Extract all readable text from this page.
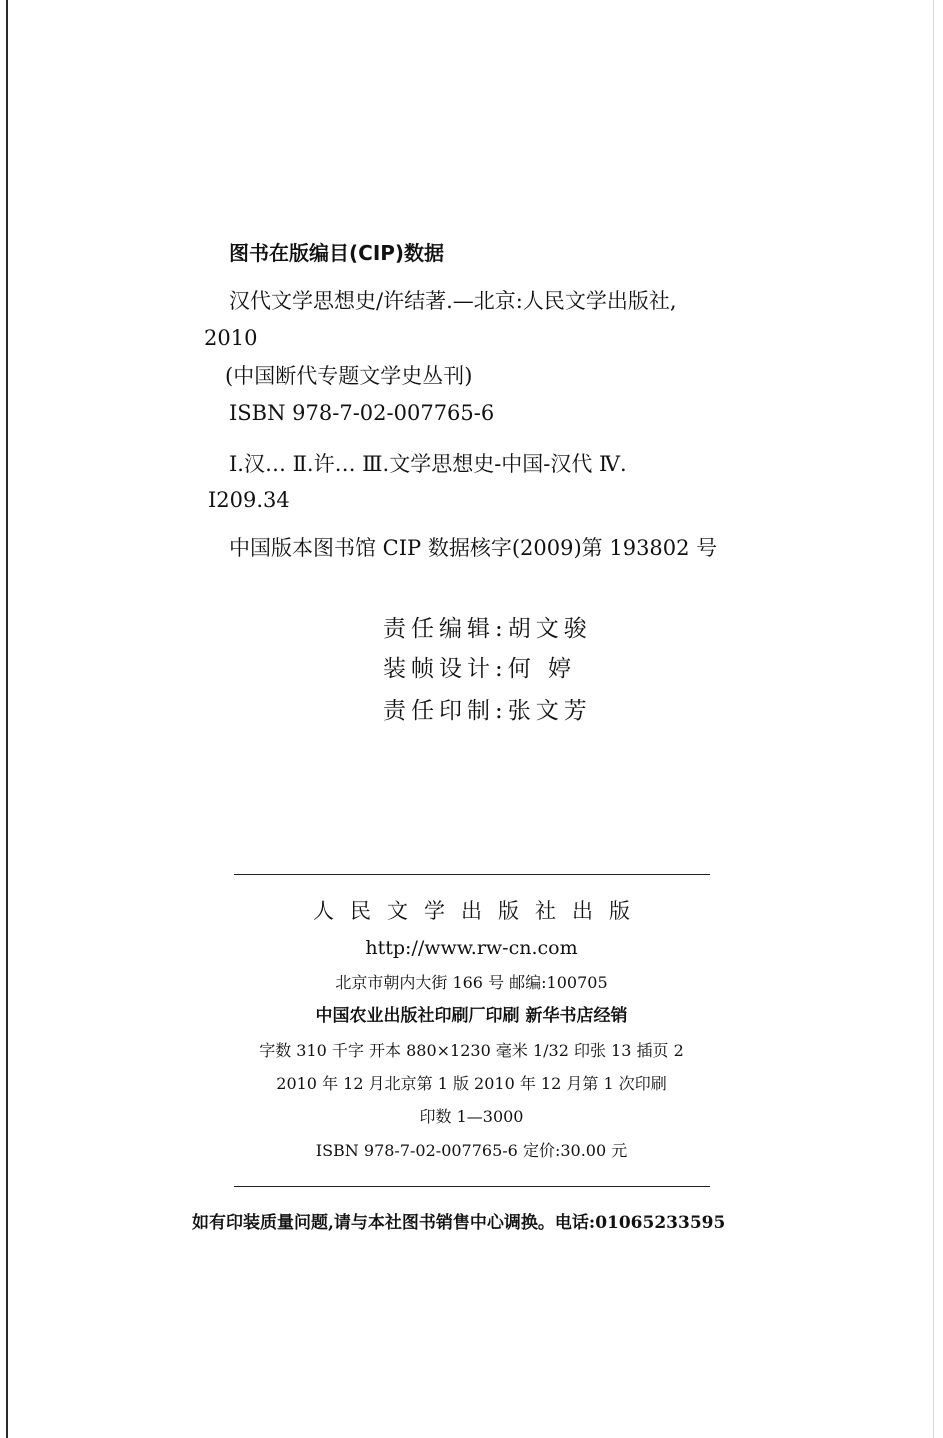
图书在版编目(CIP)数据
汉代文学思想史/许结著.—北京:人民文学出版社,
2010
(中国断代专题文学史丛刊)
ISBN 978-7-02-007765-6
Ⅰ.汉… Ⅱ.许… Ⅲ.文学思想史-中国-汉代 Ⅳ.
Ⅰ209.34
中国版本图书馆 CIP 数据核字(2009)第 193802 号
责任编辑:胡文骏
装帧设计:何 婷
责任印制:张文芳
人民文学出版社出版
http://www.rw-cn.com
北京市朝内大街 166 号 邮编:100705
中国农业出版社印刷厂印刷 新华书店经销
字数 310 千字 开本 880×1230 毫米 1/32 印张 13 插页 2
2010 年 12 月北京第 1 版 2010 年 12 月第 1 次印刷
印数 1—3000
ISBN 978-7-02-007765-6 定价:30.00 元
如有印装质量问题,请与本社图书销售中心调换。电话:01065233595
